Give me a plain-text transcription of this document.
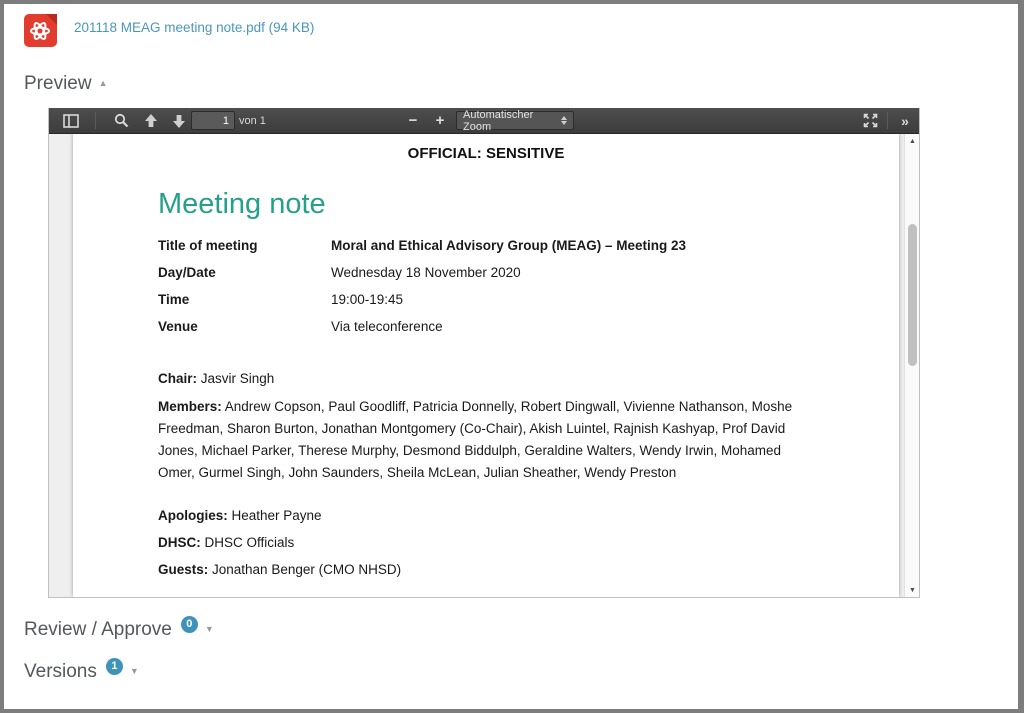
201118 MEAG meeting note.pdf (94 KB)
Preview ▲
1
von 1	− + Automatischer Zoom	»
OFFICIAL: SENSITIVE
Meeting note
Title of meeting	Moral and Ethical Advisory Group (MEAG) – Meeting 23
Day/Date	Wednesday 18 November 2020
Time	19:00-19:45
Venue	Via teleconference

Chair: Jasvir Singh

Members: Andrew Copson, Paul Goodliff, Patricia Donnelly, Robert Dingwall, Vivienne Nathanson, Moshe Freedman, Sharon Burton, Jonathan Montgomery (Co-Chair), Akish Luintel, Rajnish Kashyap, Prof David Jones, Michael Parker, Therese Murphy, Desmond Biddulph, Geraldine Walters, Wendy Irwin, Mohamed Omer, Gurmel Singh, John Saunders, Sheila McLean, Julian Sheather, Wendy Preston

Apologies: Heather Payne

DHSC: DHSC Officials

Guests: Jonathan Benger (CMO NHSD)

▲
▼
Review / Approve	0	▼
Versions	1	▼
